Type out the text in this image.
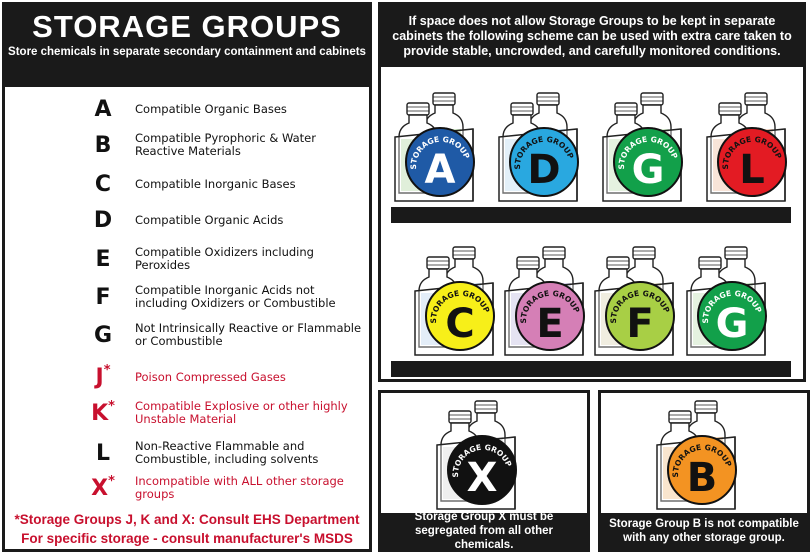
STORAGE GROUPS
Store chemicals in separate secondary containment and cabinets
A Compatible Organic Bases
B Compatible Pyrophoric & Water Reactive Materials
C Compatible Inorganic Bases
D Compatible Organic Acids
E Compatible Oxidizers including Peroxides
F Compatible Inorganic Acids not including Oxidizers or Combustible
G Not Intrinsically Reactive or Flammable or Combustible
J * Poison Compressed Gases
K * Compatible Explosive or other highly Unstable Material
L Non-Reactive Flammable and Combustible, including solvents
X * Incompatible with ALL other storage groups
*Storage Groups J, K and X: Consult EHS Department
For specific storage - consult manufacturer's MSDS
If space does not allow Storage Groups to be kept in separate cabinets the following scheme can be used with extra care taken to provide stable, uncrowded, and carefully monitored conditions.
STORAGE GROUP
A	STORAGE GROUP
D	STORAGE GROUP
G	STORAGE GROUP
L
STORAGE GROUP
C	STORAGE GROUP
E	STORAGE GROUP
F	STORAGE GROUP
G
STORAGE GROUP
X
Storage Group X must be segregated from all other chemicals.
STORAGE GROUP
B
Storage Group B is not compatible with any other storage group.
